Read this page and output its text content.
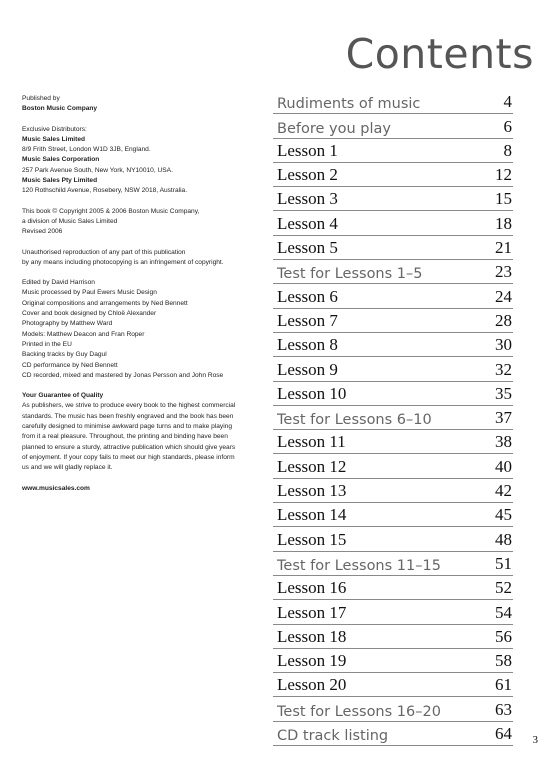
Contents
Published by
Boston Music Company
Exclusive Distributors:
Music Sales Limited
8/9 Frith Street, London W1D 3JB, England.
Music Sales Corporation
257 Park Avenue South, New York, NY10010, USA.
Music Sales Pty Limited
120 Rothschild Avenue, Rosebery, NSW 2018, Australia.
This book © Copyright 2005 & 2006 Boston Music Company,
a division of Music Sales Limited
Revised 2006
Unauthorised reproduction of any part of this publication
by any means including photocopying is an infringement of copyright.
Edited by David Harrison
Music processed by Paul Ewers Music Design
Original compositions and arrangements by Ned Bennett
Cover and book designed by Chloë Alexander
Photography by Matthew Ward
Models: Matthew Deacon and Fran Roper
Printed in the EU
Backing tracks by Guy Dagul
CD performance by Ned Bennett
CD recorded, mixed and mastered by Jonas Persson and John Rose
Your Guarantee of Quality
As publishers, we strive to produce every book to the highest commercial
standards. The music has been freshly engraved and the book has been
carefully designed to minimise awkward page turns and to make playing
from it a real pleasure. Throughout, the printing and binding have been
planned to ensure a sturdy, attractive publication which should give years
of enjoyment. If your copy fails to meet our high standards, please inform
us and we will gladly replace it.
www.musicsales.com
Rudiments of music	4
Before you play	6
Lesson 1	8
Lesson 2	12
Lesson 3	15
Lesson 4	18
Lesson 5	21
Test for Lessons 1–5	23
Lesson 6	24
Lesson 7	28
Lesson 8	30
Lesson 9	32
Lesson 10	35
Test for Lessons 6–10	37
Lesson 11	38
Lesson 12	40
Lesson 13	42
Lesson 14	45
Lesson 15	48
Test for Lessons 11–15	51
Lesson 16	52
Lesson 17	54
Lesson 18	56
Lesson 19	58
Lesson 20	61
Test for Lessons 16–20	63
CD track listing	64 3
